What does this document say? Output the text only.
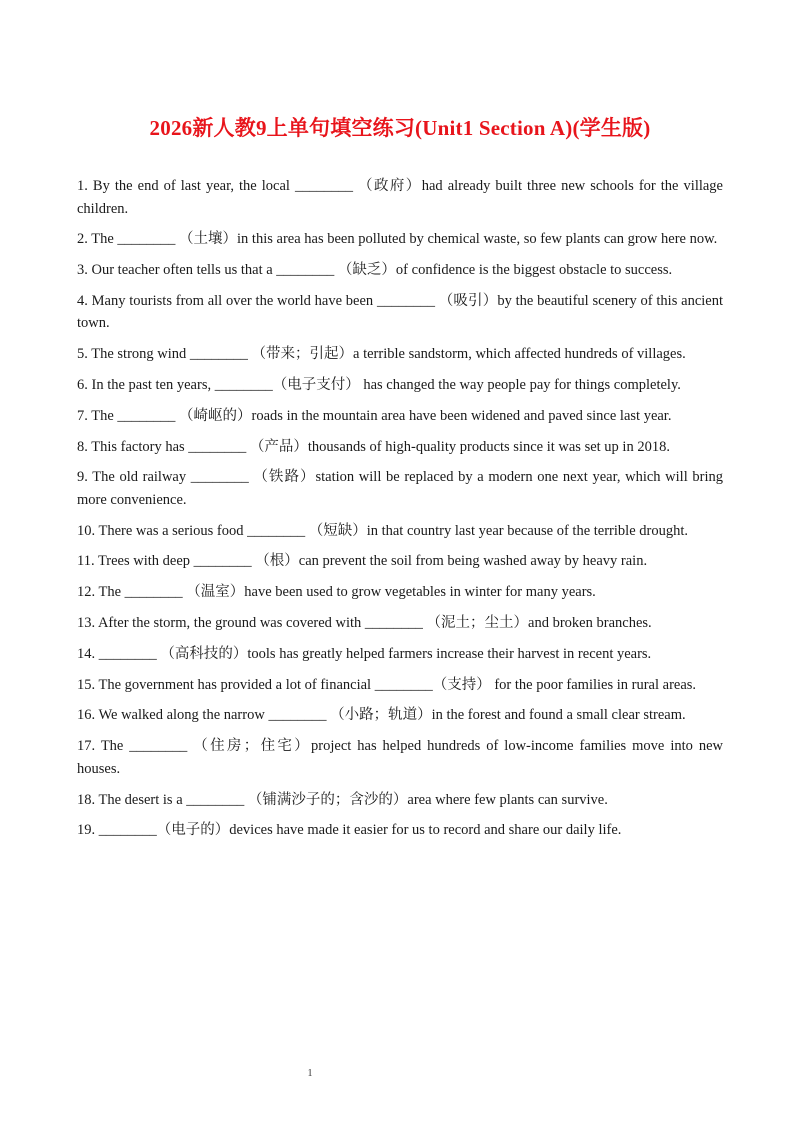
2026新人教9上单句填空练习(Unit1 Section A)(学生版)

1. By the end of last year, the local ________ （政府）had already built three new schools for the village children.

2. The ________ （土壤）in this area has been polluted by chemical waste, so few plants can grow here now.

3. Our teacher often tells us that a ________ （缺乏）of confidence is the biggest obstacle to success.

4. Many tourists from all over the world have been ________ （吸引）by the beautiful scenery of this ancient town.

5. The strong wind ________ （带来；引起）a terrible sandstorm, which affected hundreds of villages.

6. In the past ten years, ________（电子支付） has changed the way people pay for things completely.

7. The ________ （崎岖的）roads in the mountain area have been widened and paved since last year.

8. This factory has ________ （产品）thousands of high-quality products since it was set up in 2018.

9. The old railway ________ （铁路）station will be replaced by a modern one next year, which will bring more convenience.

10. There was a serious food ________ （短缺）in that country last year because of the terrible drought.

11. Trees with deep ________ （根）can prevent the soil from being washed away by heavy rain.

12. The ________ （温室）have been used to grow vegetables in winter for many years.

13. After the storm, the ground was covered with ________ （泥土；尘土）and broken branches.

14. ________ （高科技的）tools has greatly helped farmers increase their harvest in recent years.

15. The government has provided a lot of financial ________（支持） for the poor families in rural areas.

16. We walked along the narrow ________ （小路；轨道）in the forest and found a small clear stream.

17. The ________ （住房；住宅）project has helped hundreds of low-income families move into new houses.

18. The desert is a ________ （铺满沙子的；含沙的）area where few plants can survive.

19. ________（电子的）devices have made it easier for us to record and share our daily life.

1
